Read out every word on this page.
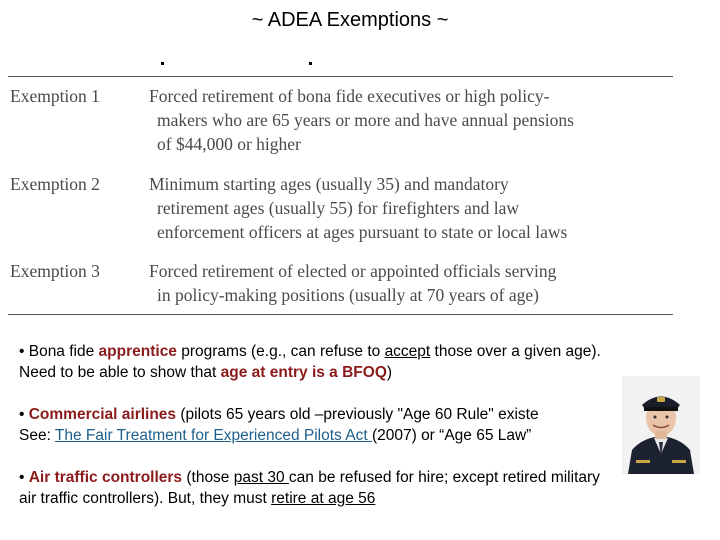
~ ADEA Exemptions ~
Exemption 1	Forced retirement of bona fide executives or high policy-
makers who are 65 years or more and have annual pensions
of $44,000 or higher
Exemption 2	Minimum starting ages (usually 35) and mandatory
retirement ages (usually 55) for firefighters and law
enforcement officers at ages pursuant to state or local laws
Exemption 3	Forced retirement of elected or appointed officials serving
in policy-making positions (usually at 70 years of age)

• Bona fide apprentice programs (e.g., can refuse to accept those over a given age).
Need to be able to show that age at entry is a BFOQ)

• Commercial airlines (pilots 65 years old –previously "Age 60 Rule" existe
See: The Fair Treatment for Experienced Pilots Act (2007) or “Age 65 Law”

• Air traffic controllers (those past 30 can be refused for hire; except retired military
air traffic controllers). But, they must retire at age 56
